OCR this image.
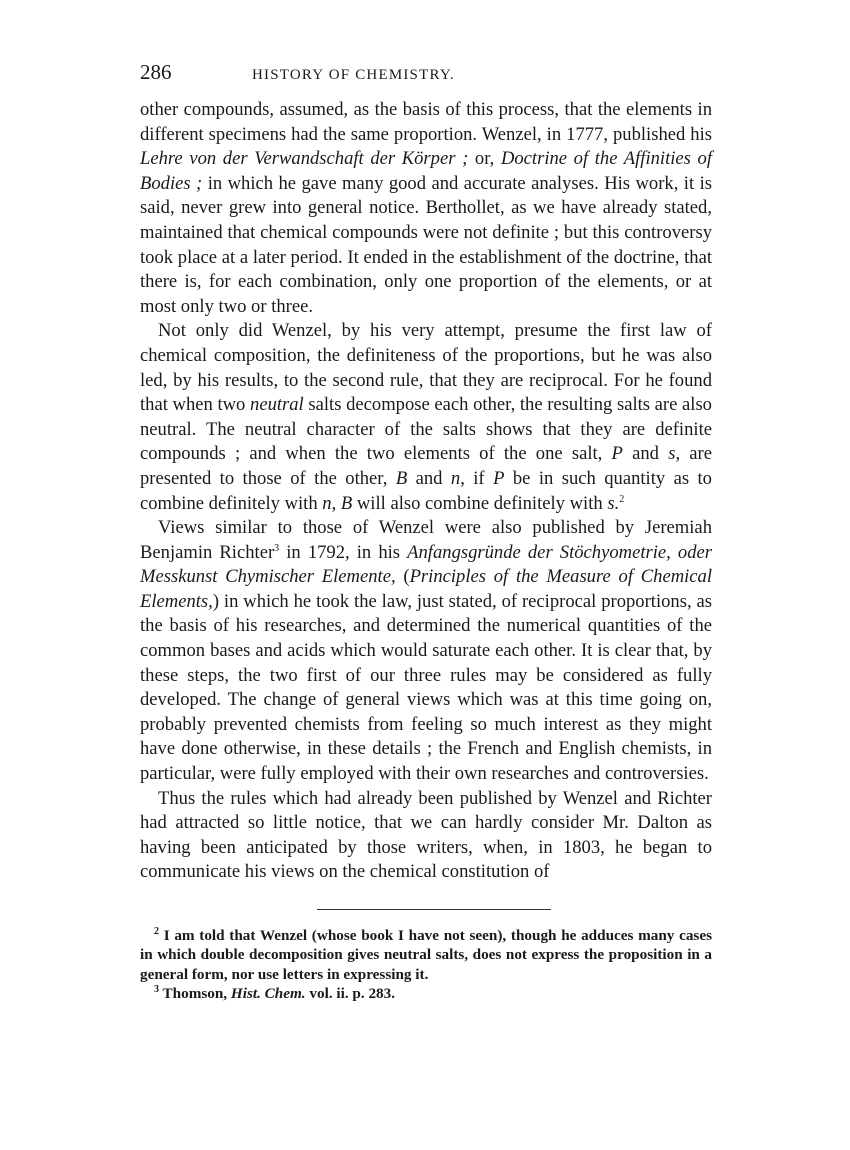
286	HISTORY OF CHEMISTRY.

other compounds, assumed, as the basis of this process, that the elements in different specimens had the same proportion. Wenzel, in 1777, published his Lehre von der Verwandschaft der Körper ; or, Doctrine of the Affinities of Bodies ; in which he gave many good and accurate analyses. His work, it is said, never grew into general notice. Berthollet, as we have already stated, maintained that chemical compounds were not definite ; but this controversy took place at a later period. It ended in the establishment of the doctrine, that there is, for each combination, only one proportion of the elements, or at most only two or three.

Not only did Wenzel, by his very attempt, presume the first law of chemical composition, the definiteness of the proportions, but he was also led, by his results, to the second rule, that they are reciprocal. For he found that when two neutral salts decompose each other, the resulting salts are also neutral. The neutral character of the salts shows that they are definite compounds ; and when the two elements of the one salt, P and s, are presented to those of the other, B and n, if P be in such quantity as to combine definitely with n, B will also combine definitely with s.$^2$

Views similar to those of Wenzel were also published by Jeremiah Benjamin Richter$^3$ in 1792, in his Anfangsgründe der Stöchyometrie, oder Messkunst Chymischer Elemente, (Principles of the Measure of Chemical Elements,) in which he took the law, just stated, of reciprocal proportions, as the basis of his researches, and determined the numerical quantities of the common bases and acids which would saturate each other. It is clear that, by these steps, the two first of our three rules may be considered as fully developed. The change of general views which was at this time going on, probably prevented chemists from feeling so much interest as they might have done otherwise, in these details ; the French and English chemists, in particular, were fully employed with their own researches and controversies.

Thus the rules which had already been published by Wenzel and Richter had attracted so little notice, that we can hardly consider Mr. Dalton as having been anticipated by those writers, when, in 1803, he began to communicate his views on the chemical constitution of

$^2$ I am told that Wenzel (whose book I have not seen), though he adduces many cases in which double decomposition gives neutral salts, does not express the proposition in a general form, nor use letters in expressing it.

$^3$ Thomson, Hist. Chem. vol. ii. p. 283.
